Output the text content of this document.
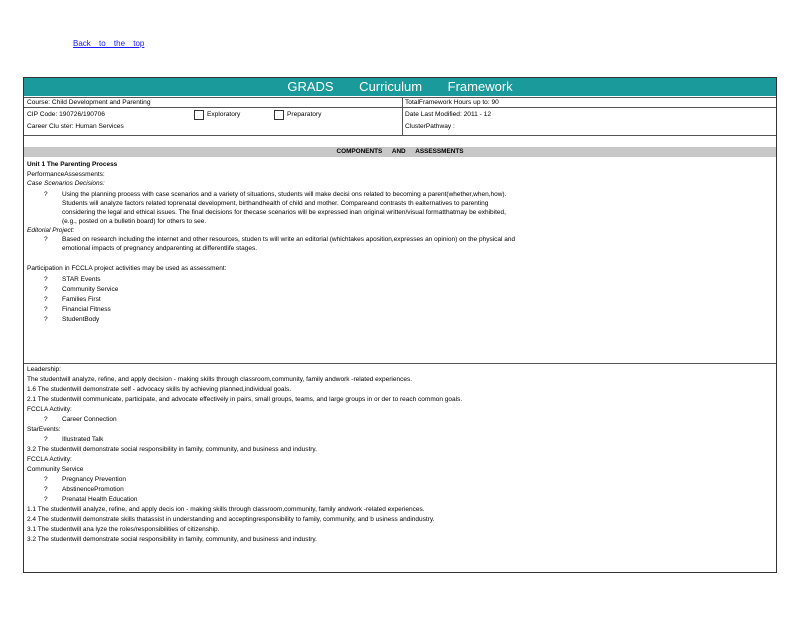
Back to the top
GRADS Curriculum Framework
Course: Child Development and Parenting	TotalFramework Hours up to: 90
CIP Code: 190726/190706	Exploratory	Preparatory	Date Last Modified: 2011 - 12
Career Clu ster: Human Services	ClusterPathway :
COMPONENTS AND ASSESSMENTS
Unit 1 The Parenting Process
PerformanceAssessments:
Case Scenarios Decisions:
Using the planning process with case scenarios and a variety of situations, students will make decisi ons related to becoming a parent(whether,when,how).
Students will analyze factors related toprenatal development, birthandhealth of child and mother. Compareand contrasts th ealternatives to parenting
considering the legal and ethical issues. The final decisions for thecase scenarios will be expressed inan original written/visual formatthatmay be exhibited,
(e.g., posted on a bulletin board) for others to see.
Editorial Project:
Based on research including the internet and other resources, studen ts will write an editorial (whichtakes aposition,expresses an opinion) on the physical and
emotional impacts of pregnancy andparenting at differentlife stages.
Participation in FCCLA project activities may be used as assessment:
STAR Events
Community Service
Families First
Financial Fitness
StudentBody
Leadership:
The studentwill analyze, refine, and apply decision - making skills through classroom,community, family andwork -related experiences.
1.6 The studentwill demonstrate self - advocacy skills by achieving planned,individual goals.
2.1 The studentwill communicate, participate, and advocate effectively in pairs, small groups, teams, and large groups in or der to reach common goals.
FCCLA Activity:
Career Connection
StarEvents:
Illustrated Talk
3.2 The studentwill demonstrate social responsibility in family, community, and business and industry.
FCCLA Activity:
Community Service
Pregnancy Prevention
AbstinencePromotion
Prenatal Health Education
1.1 The studentwill analyze, refine, and apply decis ion - making skills through classroom,community, family andwork -related experiences.
2.4 The studentwill demonstrate skills thatassist in understanding and acceptingresponsibility to family, community, and b usiness andindustry.
3.1 The studentwill ana lyze the roles/responsibilities of citizenship.
3.2 The studentwill demonstrate social responsibility in family, community, and business and industry.
?
?
?
?
?
?
?
?
?
?
?
?
